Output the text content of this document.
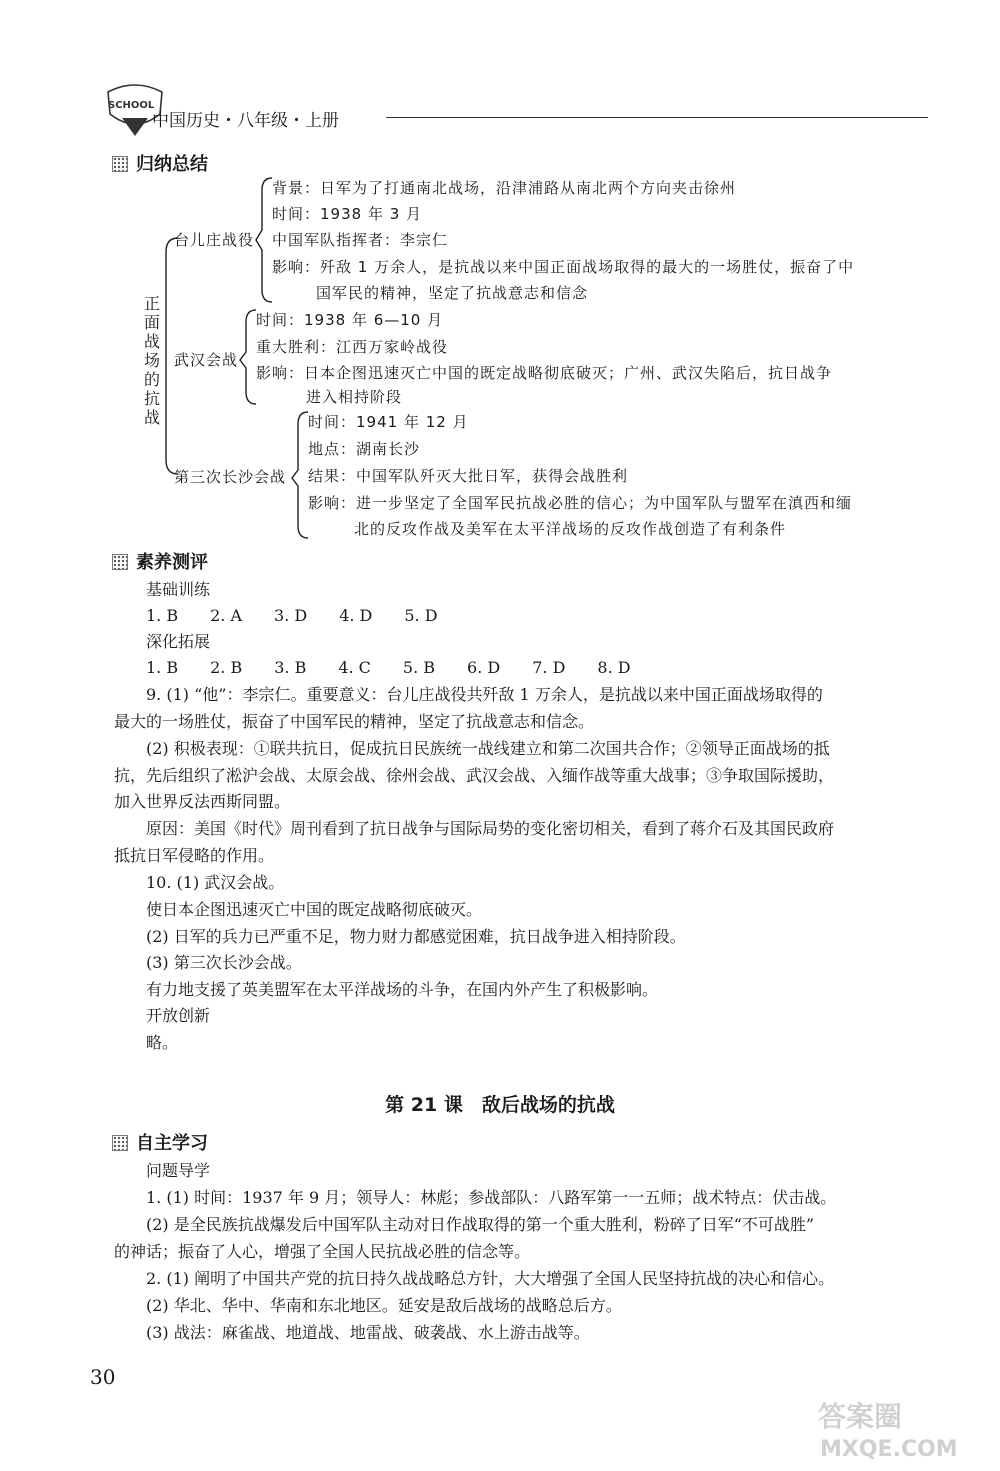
SCHOOL
中国历史・八年级・上册
归纳总结
正面战场的抗战
台儿庄战役
背景：日军为了打通南北战场，沿津浦路从南北两个方向夹击徐州
时间：1938 年 3 月
中国军队指挥者：李宗仁
影响：歼敌 1 万余人，是抗战以来中国正面战场取得的最大的一场胜仗，振奋了中
国军民的精神，坚定了抗战意志和信念
武汉会战
时间：1938 年 6—10 月
重大胜利：江西万家岭战役
影响：日本企图迅速灭亡中国的既定战略彻底破灭；广州、武汉失陷后，抗日战争
进入相持阶段
第三次长沙会战
时间：1941 年 12 月
地点：湖南长沙
结果：中国军队歼灭大批日军，获得会战胜利
影响：进一步坚定了全国军民抗战必胜的信心；为中国军队与盟军在滇西和缅
北的反攻作战及美军在太平洋战场的反攻作战创造了有利条件
素养测评
基础训练
1. B　　2. A　　3. D　　4. D　　5. D
深化拓展
1. B　　2. B　　3. B　　4. C　　5. B　　6. D　　7. D　　8. D
9. (1) “他”：李宗仁。重要意义：台儿庄战役共歼敌 1 万余人，是抗战以来中国正面战场取得的
最大的一场胜仗，振奋了中国军民的精神，坚定了抗战意志和信念。
(2) 积极表现：①联共抗日，促成抗日民族统一战线建立和第二次国共合作；②领导正面战场的抵
抗，先后组织了淞沪会战、太原会战、徐州会战、武汉会战、入缅作战等重大战事；③争取国际援助，
加入世界反法西斯同盟。
原因：美国《时代》周刊看到了抗日战争与国际局势的变化密切相关，看到了蒋介石及其国民政府
抵抗日军侵略的作用。
10. (1) 武汉会战。
使日本企图迅速灭亡中国的既定战略彻底破灭。
(2) 日军的兵力已严重不足，物力财力都感觉困难，抗日战争进入相持阶段。
(3) 第三次长沙会战。
有力地支援了英美盟军在太平洋战场的斗争，在国内外产生了积极影响。
开放创新
略。
第 21 课　敌后战场的抗战
自主学习
问题导学
1. (1) 时间：1937 年 9 月；领导人：林彪；参战部队：八路军第一一五师；战术特点：伏击战。
(2) 是全民族抗战爆发后中国军队主动对日作战取得的第一个重大胜利，粉碎了日军“不可战胜”
的神话；振奋了人心，增强了全国人民抗战必胜的信念等。
2. (1) 阐明了中国共产党的抗日持久战战略总方针，大大增强了全国人民坚持抗战的决心和信心。
(2) 华北、华中、华南和东北地区。延安是敌后战场的战略总后方。
(3) 战法：麻雀战、地道战、地雷战、破袭战、水上游击战等。
30
答案圈
MXQE.COM
